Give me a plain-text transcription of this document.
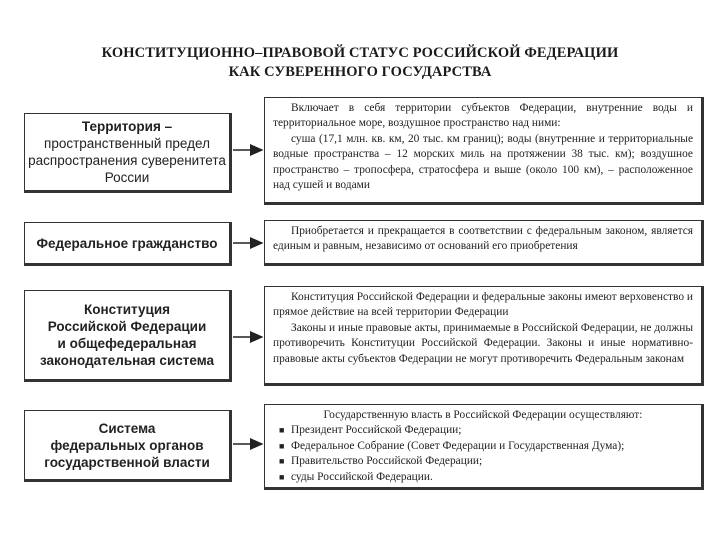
КОНСТИТУЦИОННО–ПРАВОВОЙ СТАТУС РОССИЙСКОЙ ФЕДЕРАЦИИ
КАК СУВЕРЕННОГО ГОСУДАРСТВА
Территория –
пространственный предел
распространения суверенитета
России

Включает в себя территории субъектов Федерации, внутренние воды и территориальное море, воздушное пространство над ними:

суша (17,1 млн. кв. км, 20 тыс. км границ); воды (внутренние и территориальные водные пространства – 12 морских миль на протяжении 38 тыс. км); воздушное пространство – тропосфера, стратосфера и выше (около 100 км), – расположенное над сушей и водами

Федеральное гражданство

Приобретается и прекращается в соответствии с федеральным законом, является единым и равным, независимо от оснований его приобретения

Конституция
Российской Федерации
и общефедеральная
законодательная система

Конституция Российской Федерации и федеральные законы имеют верховенство и прямое действие на всей территории Федерации

Законы и иные правовые акты, принимаемые в Российской Федерации, не должны противоречить Конституции Российской Федерации. Законы и иные нормативно-правовые акты субъектов Федерации не могут противоречить Федеральным законам

Система
федеральных органов
государственной власти

Государственную власть в Российской Федерации осуществляют:

■ Президент Российской Федерации;
■ Федеральное Собрание (Совет Федерации и Государственная Дума);
■ Правительство Российской Федерации;
■ суды Российской Федерации.
